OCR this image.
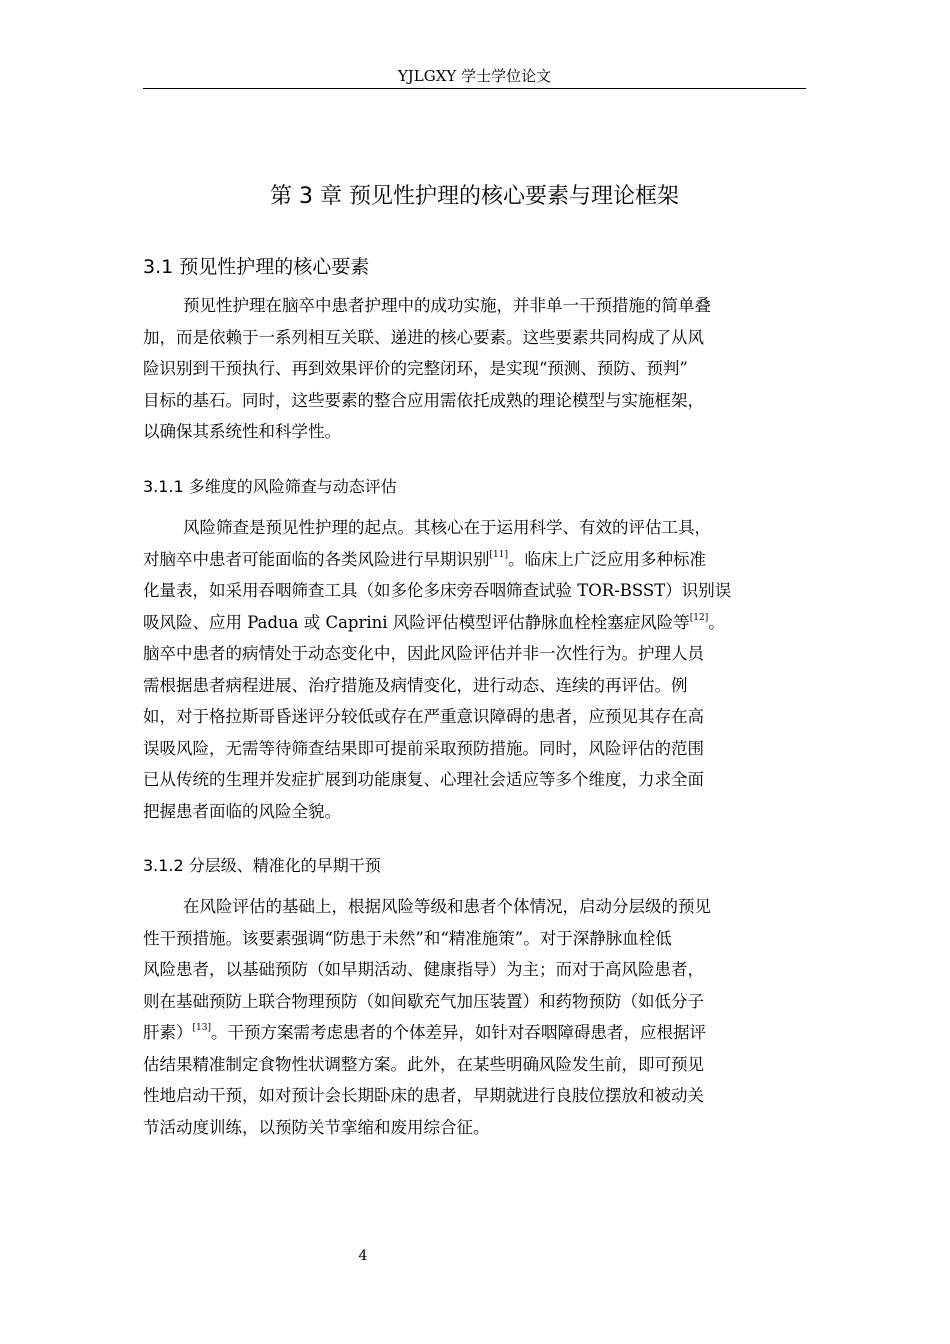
YJLGXY 学士学位论文
第 3 章 预见性护理的核心要素与理论框架
3.1 预见性护理的核心要素
预见性护理在脑卒中患者护理中的成功实施，并非单一干预措施的简单叠
加，而是依赖于一系列相互关联、递进的核心要素。这些要素共同构成了从风
险识别到干预执行、再到效果评价的完整闭环，是实现“预测、预防、预判”
目标的基石。同时，这些要素的整合应用需依托成熟的理论模型与实施框架，
以确保其系统性和科学性。
3.1.1 多维度的风险筛查与动态评估
风险筛查是预见性护理的起点。其核心在于运用科学、有效的评估工具，
对脑卒中患者可能面临的各类风险进行早期识别[11]。临床上广泛应用多种标准
化量表，如采用吞咽筛查工具（如多伦多床旁吞咽筛查试验 TOR-BSST）识别误
吸风险、应用 Padua 或 Caprini 风险评估模型评估静脉血栓栓塞症风险等[12]。
脑卒中患者的病情处于动态变化中，因此风险评估并非一次性行为。护理人员
需根据患者病程进展、治疗措施及病情变化，进行动态、连续的再评估。例
如，对于格拉斯哥昏迷评分较低或存在严重意识障碍的患者，应预见其存在高
误吸风险，无需等待筛查结果即可提前采取预防措施。同时，风险评估的范围
已从传统的生理并发症扩展到功能康复、心理社会适应等多个维度，力求全面
把握患者面临的风险全貌。
3.1.2 分层级、精准化的早期干预
在风险评估的基础上，根据风险等级和患者个体情况，启动分层级的预见
性干预措施。该要素强调“防患于未然”和“精准施策”。对于深静脉血栓低
风险患者，以基础预防（如早期活动、健康指导）为主；而对于高风险患者，
则在基础预防上联合物理预防（如间歇充气加压装置）和药物预防（如低分子
肝素）[13]。干预方案需考虑患者的个体差异，如针对吞咽障碍患者，应根据评
估结果精准制定食物性状调整方案。此外，在某些明确风险发生前，即可预见
性地启动干预，如对预计会长期卧床的患者，早期就进行良肢位摆放和被动关
节活动度训练，以预防关节挛缩和废用综合征。
4
